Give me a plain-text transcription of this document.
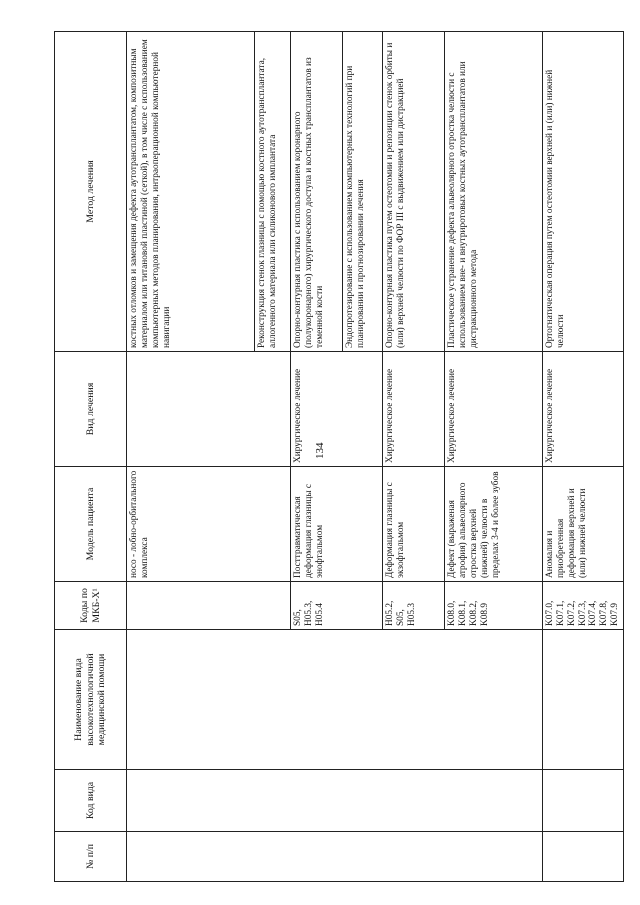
134
№ п/п	Код вида	Наименование вида высокотехнологичной медицинской помощи	Коды по МКБ-Х¹	Модель пациента	Вид лечения	Метод лечения
				носо - лобно-орбитального комплекса		костных отломков и замещения дефекта аутотрансплантатом, композитным материалом или титановой пластиной (сеткой), в том числе с использованием компьютерных методов планирования, интраоперационной компьютерной навигации
						Реконструкция стенок глазницы с помощью костного аутотрансплантата, аллогенного материала или силиконового имплантата
			S05, H05.3, H05.4	Посттравматическая деформация глазницы с энофтальмом	Хирургическое лечение	Опорно-контурная пластика с использованием коронарного (полукоронарного) хирургического доступа и костных трансплантатов из теменной кости
						Эндопротезирование с использованием компьютерных технологий при планировании и прогнозировании лечения
			H05.2, S05, H05.3	Деформация глазницы с экзофтальмом	Хирургическое лечение	Опорно-контурная пластика путем остеотомии и репозиции стенок орбиты и (или) верхней челюсти по ФОР III с выдвижением или дистракцией
			K08.0, K08.1, K08.2, K08.9	Дефект (выраженая атрофия) альвеолярного отростка верхней (нижней) челюсти в пределах 3-4 и более зубов	Хирургическое лечение	Пластическое устранение дефекта альвеолярного отростка челюсти с использованием вне- и внутриротовых костных аутотрансплантатов или дистракционного метода
			K07.0, K07.1, K07.2, K07.3, K07.4, K07.8, K07.9	Аномалия и приобретенная деформация верхней и (или) нижней челюсти	Хирургическое лечение	Ортогнатическая операция путем остеотомии верхней и (или) нижней челюсти
